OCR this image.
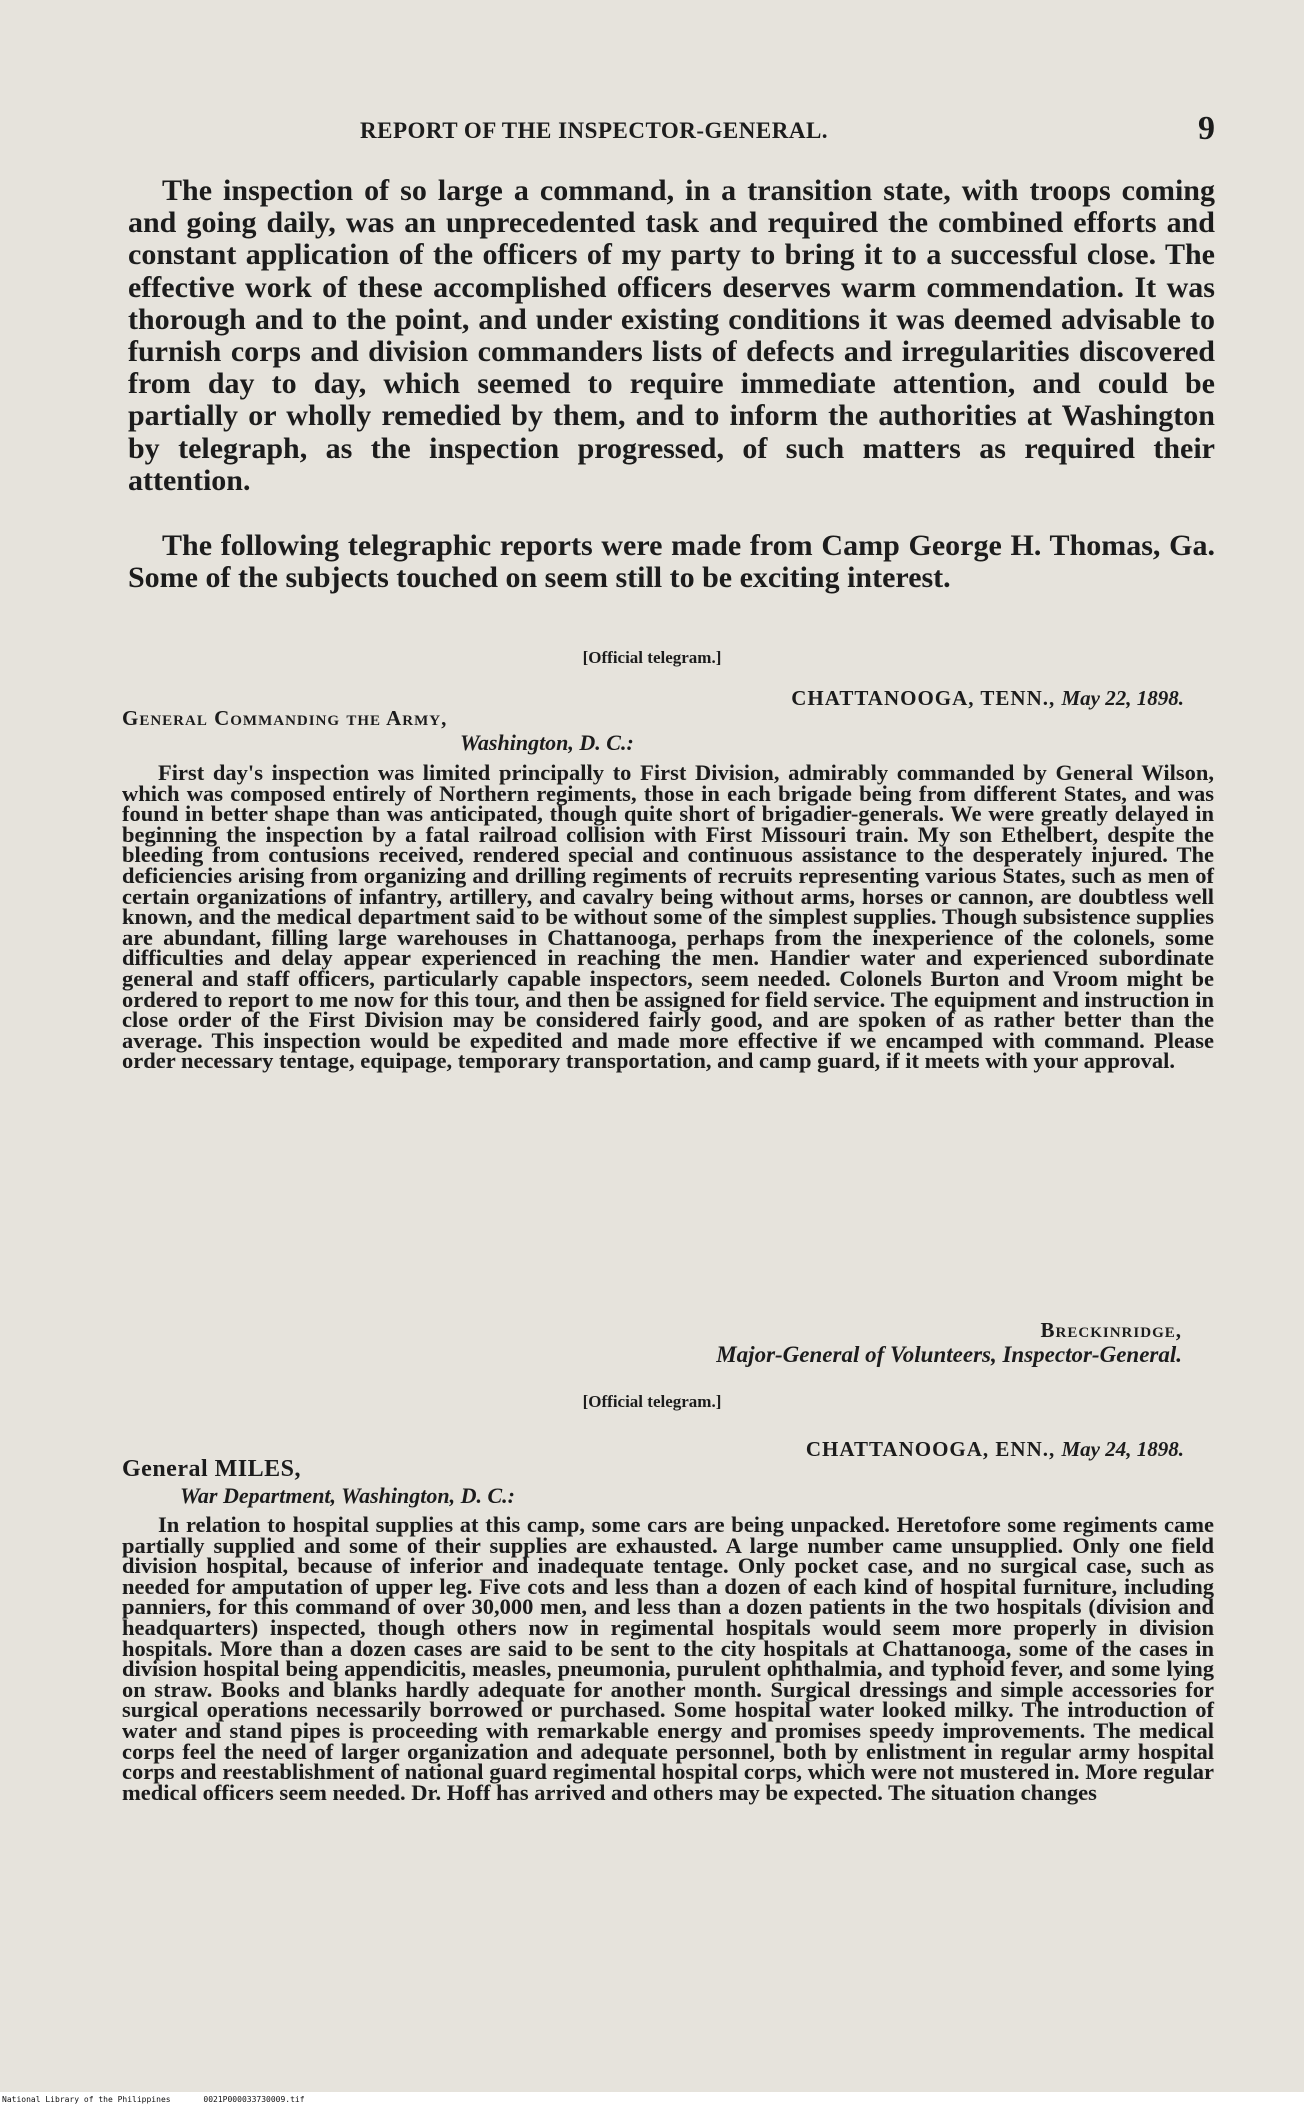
REPORT OF THE INSPECTOR-GENERAL.	9

The inspection of so large a command, in a transition state, with troops coming and going daily, was an unprecedented task and required the combined efforts and constant application of the officers of my party to bring it to a successful close. The effective work of these accomplished officers deserves warm commendation. It was thorough and to the point, and under existing conditions it was deemed advisable to furnish corps and division commanders lists of defects and irregularities discovered from day to day, which seemed to require immediate attention, and could be partially or wholly remedied by them, and to inform the authorities at Washington by telegraph, as the inspection progressed, of such matters as required their attention.

The following telegraphic reports were made from Camp George H. Thomas, Ga. Some of the subjects touched on seem still to be exciting interest.

[Official telegram.]
CHATTANOOGA, TENN., May 22, 1898.
General Commanding the Army,
Washington, D. C.:

First day's inspection was limited principally to First Division, admirably commanded by General Wilson, which was composed entirely of Northern regiments, those in each brigade being from different States, and was found in better shape than was anticipated, though quite short of brigadier-generals. We were greatly delayed in beginning the inspection by a fatal railroad collision with First Missouri train. My son Ethelbert, despite the bleeding from contusions received, rendered special and continuous assistance to the desperately injured. The deficiencies arising from organizing and drilling regiments of recruits representing various States, such as men of certain organizations of infantry, artillery, and cavalry being without arms, horses or cannon, are doubtless well known, and the medical department said to be without some of the simplest supplies. Though subsistence supplies are abundant, filling large warehouses in Chattanooga, perhaps from the inexperience of the colonels, some difficulties and delay appear experienced in reaching the men. Handier water and experienced subordinate general and staff officers, particularly capable inspectors, seem needed. Colonels Burton and Vroom might be ordered to report to me now for this tour, and then be assigned for field service. The equipment and instruction in close order of the First Division may be considered fairly good, and are spoken of as rather better than the average. This inspection would be expedited and made more effective if we encamped with command. Please order necessary tentage, equipage, temporary transportation, and camp guard, if it meets with your approval.

Breckinridge,
Major-General of Volunteers, Inspector-General.
[Official telegram.]
CHATTANOOGA, ENN., May 24, 1898.
General MILES,
War Department, Washington, D. C.:

In relation to hospital supplies at this camp, some cars are being unpacked. Heretofore some regiments came partially supplied and some of their supplies are exhausted. A large number came unsupplied. Only one field division hospital, because of inferior and inadequate tentage. Only pocket case, and no surgical case, such as needed for amputation of upper leg. Five cots and less than a dozen of each kind of hospital furniture, including panniers, for this command of over 30,000 men, and less than a dozen patients in the two hospitals (division and headquarters) inspected, though others now in regimental hospitals would seem more properly in division hospitals. More than a dozen cases are said to be sent to the city hospitals at Chattanooga, some of the cases in division hospital being appendicitis, measles, pneumonia, purulent ophthalmia, and typhoid fever, and some lying on straw. Books and blanks hardly adequate for another month. Surgical dressings and simple accessories for surgical operations necessarily borrowed or purchased. Some hospital water looked milky. The introduction of water and stand pipes is proceeding with remarkable energy and promises speedy improvements. The medical corps feel the need of larger organization and adequate personnel, both by enlistment in regular army hospital corps and reestablishment of national guard regimental hospital corps, which were not mustered in. More regular medical officers seem needed. Dr. Hoff has arrived and others may be expected. The situation changes

National Library of the Philippines	0021P000033730009.tif
